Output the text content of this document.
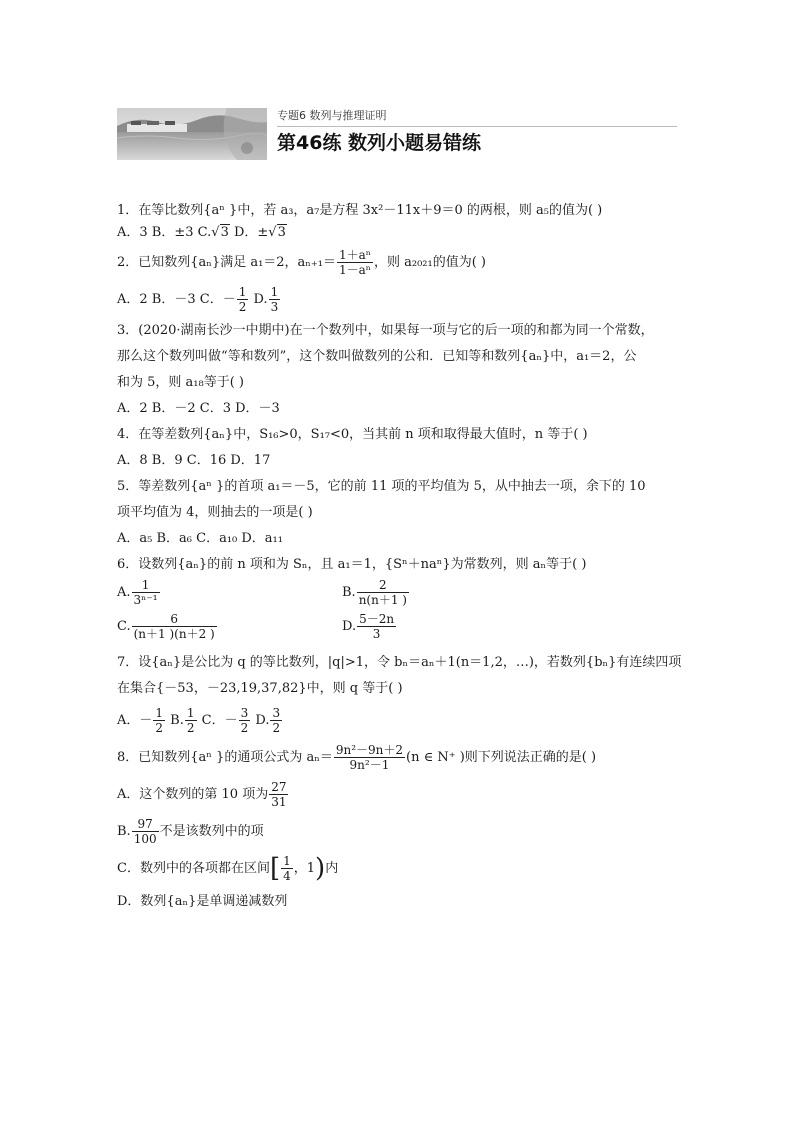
专题6 数列与推理证明
第46练 数列小题易错练

1．在等比数列{aⁿ }中，若 a₃，a₇是方程 3x²－11x＋9＝0 的两根，则 a₅的值为( )

A．3 B．±3 C.√3 D．±√3

2．已知数列{aₙ}满足 a₁＝2，$a_{n+1}= \frac{\text{1＋aⁿ}}{\text{1－aⁿ}}$ ，则 a₂₀₂₁的值为( )

A．2 B．－3 C．－ $\frac{1}{2} D$. $\frac{1}{3}$

3．(2020·湖南长沙一中期中)在一个数列中，如果每一项与它的后一项的和都为同一个常数，

那么这个数列叫做“等和数列”，这个数叫做数列的公和．已知等和数列{aₙ}中，a₁＝2，公

和为 5，则 a₁₈等于( )

A．2 B．－2 C．3 D．－3

4．在等差数列{aₙ}中，S₁₆>0，S₁₇<0，当其前 n 项和取得最大值时，n 等于( )

A．8 B．9 C．16 D．17

5．等差数列{aⁿ }的首项 a₁＝－5，它的前 11 项的平均值为 5，从中抽去一项，余下的 10

项平均值为 4，则抽去的一项是( )

A．a₅ B．a₆ C．a₁₀ D．a₁₁

6．设数列{aₙ}的前 n 项和为 Sₙ，且 a₁＝1，{Sⁿ＋naⁿ}为常数列，则 aₙ等于( )

A. $\frac{1}{\text{3ⁿ⁻¹}}$	B. $\frac{2}{n(n+1 )}$
C. $\frac{6}{(n+1 )(n+2 )}$	D. $\frac{5-2n}{3}$

7．设{aₙ}是公比为 q 的等比数列，|q|>1，令 bₙ＝aₙ＋1(n＝1,2，…)，若数列{bₙ}有连续四项

在集合{－53，－23,19,37,82}中，则 q 等于( )

A．－ $\frac{1}{2} B$. $\frac{1}{2}$ C．－ $\frac{3}{2} D$. $\frac{3}{2}$

8．已知数列{aⁿ }的通项公式为 $a_n= \frac{\text{9n²－9n＋2}}{\text{9n²－1}} (n$ ∈ N⁺ )则下列说法正确的是( )

A．这个数列的第 10 项为 $\frac{27}{31}$

B. $\frac{97}{100}$ 不是该数列中的项

C．数列中的各项都在区间[ $\frac{1}{4}$ ，1)内

D．数列{aₙ}是单调递减数列
